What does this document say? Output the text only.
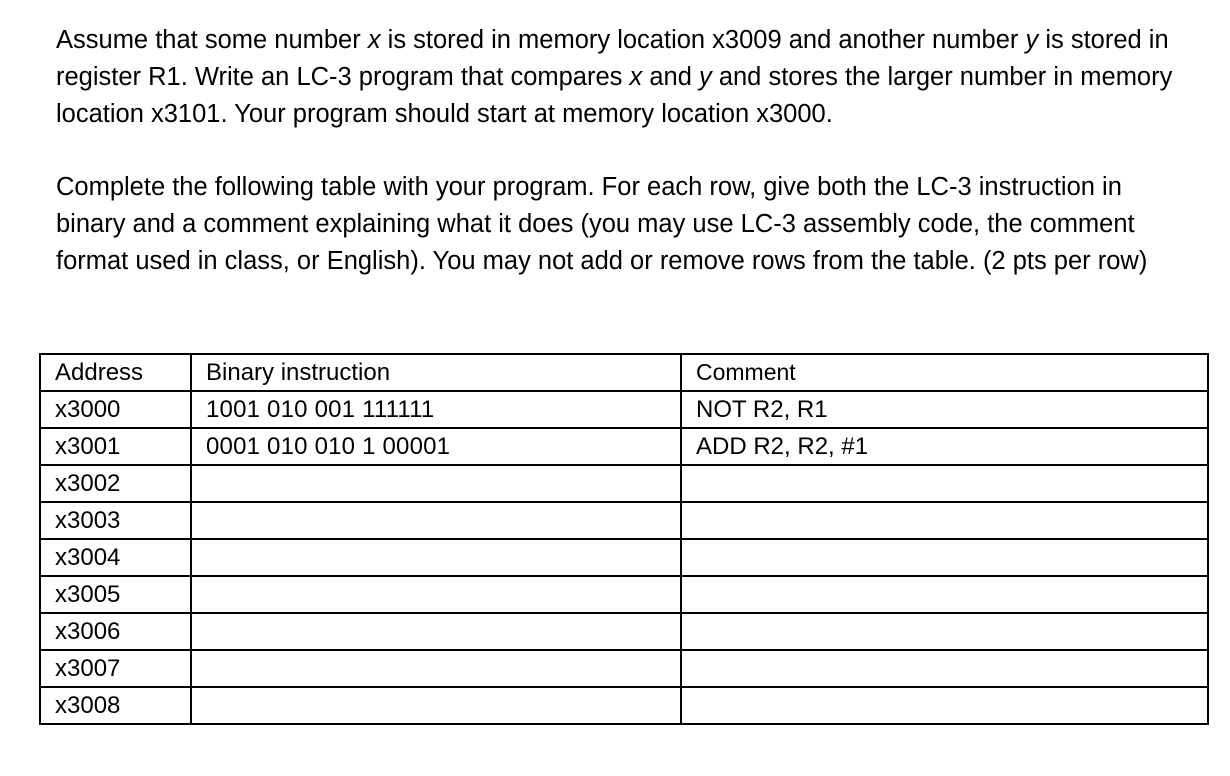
Assume that some number x is stored in memory location x3009 and another number y is stored in register R1. Write an LC-3 program that compares x and y and stores the larger number in memory location x3101. Your program should start at memory location x3000.

Complete the following table with your program. For each row, give both the LC-3 instruction in binary and a comment explaining what it does (you may use LC-3 assembly code, the comment format used in class, or English). You may not add or remove rows from the table. (2 pts per row)

Address	Binary instruction	Comment
x3000	1001 010 001 111111	NOT R2, R1
x3001	0001 010 010 1 00001	ADD R2, R2, #1
x3002		
x3003		
x3004		
x3005		
x3006		
x3007		
x3008		
